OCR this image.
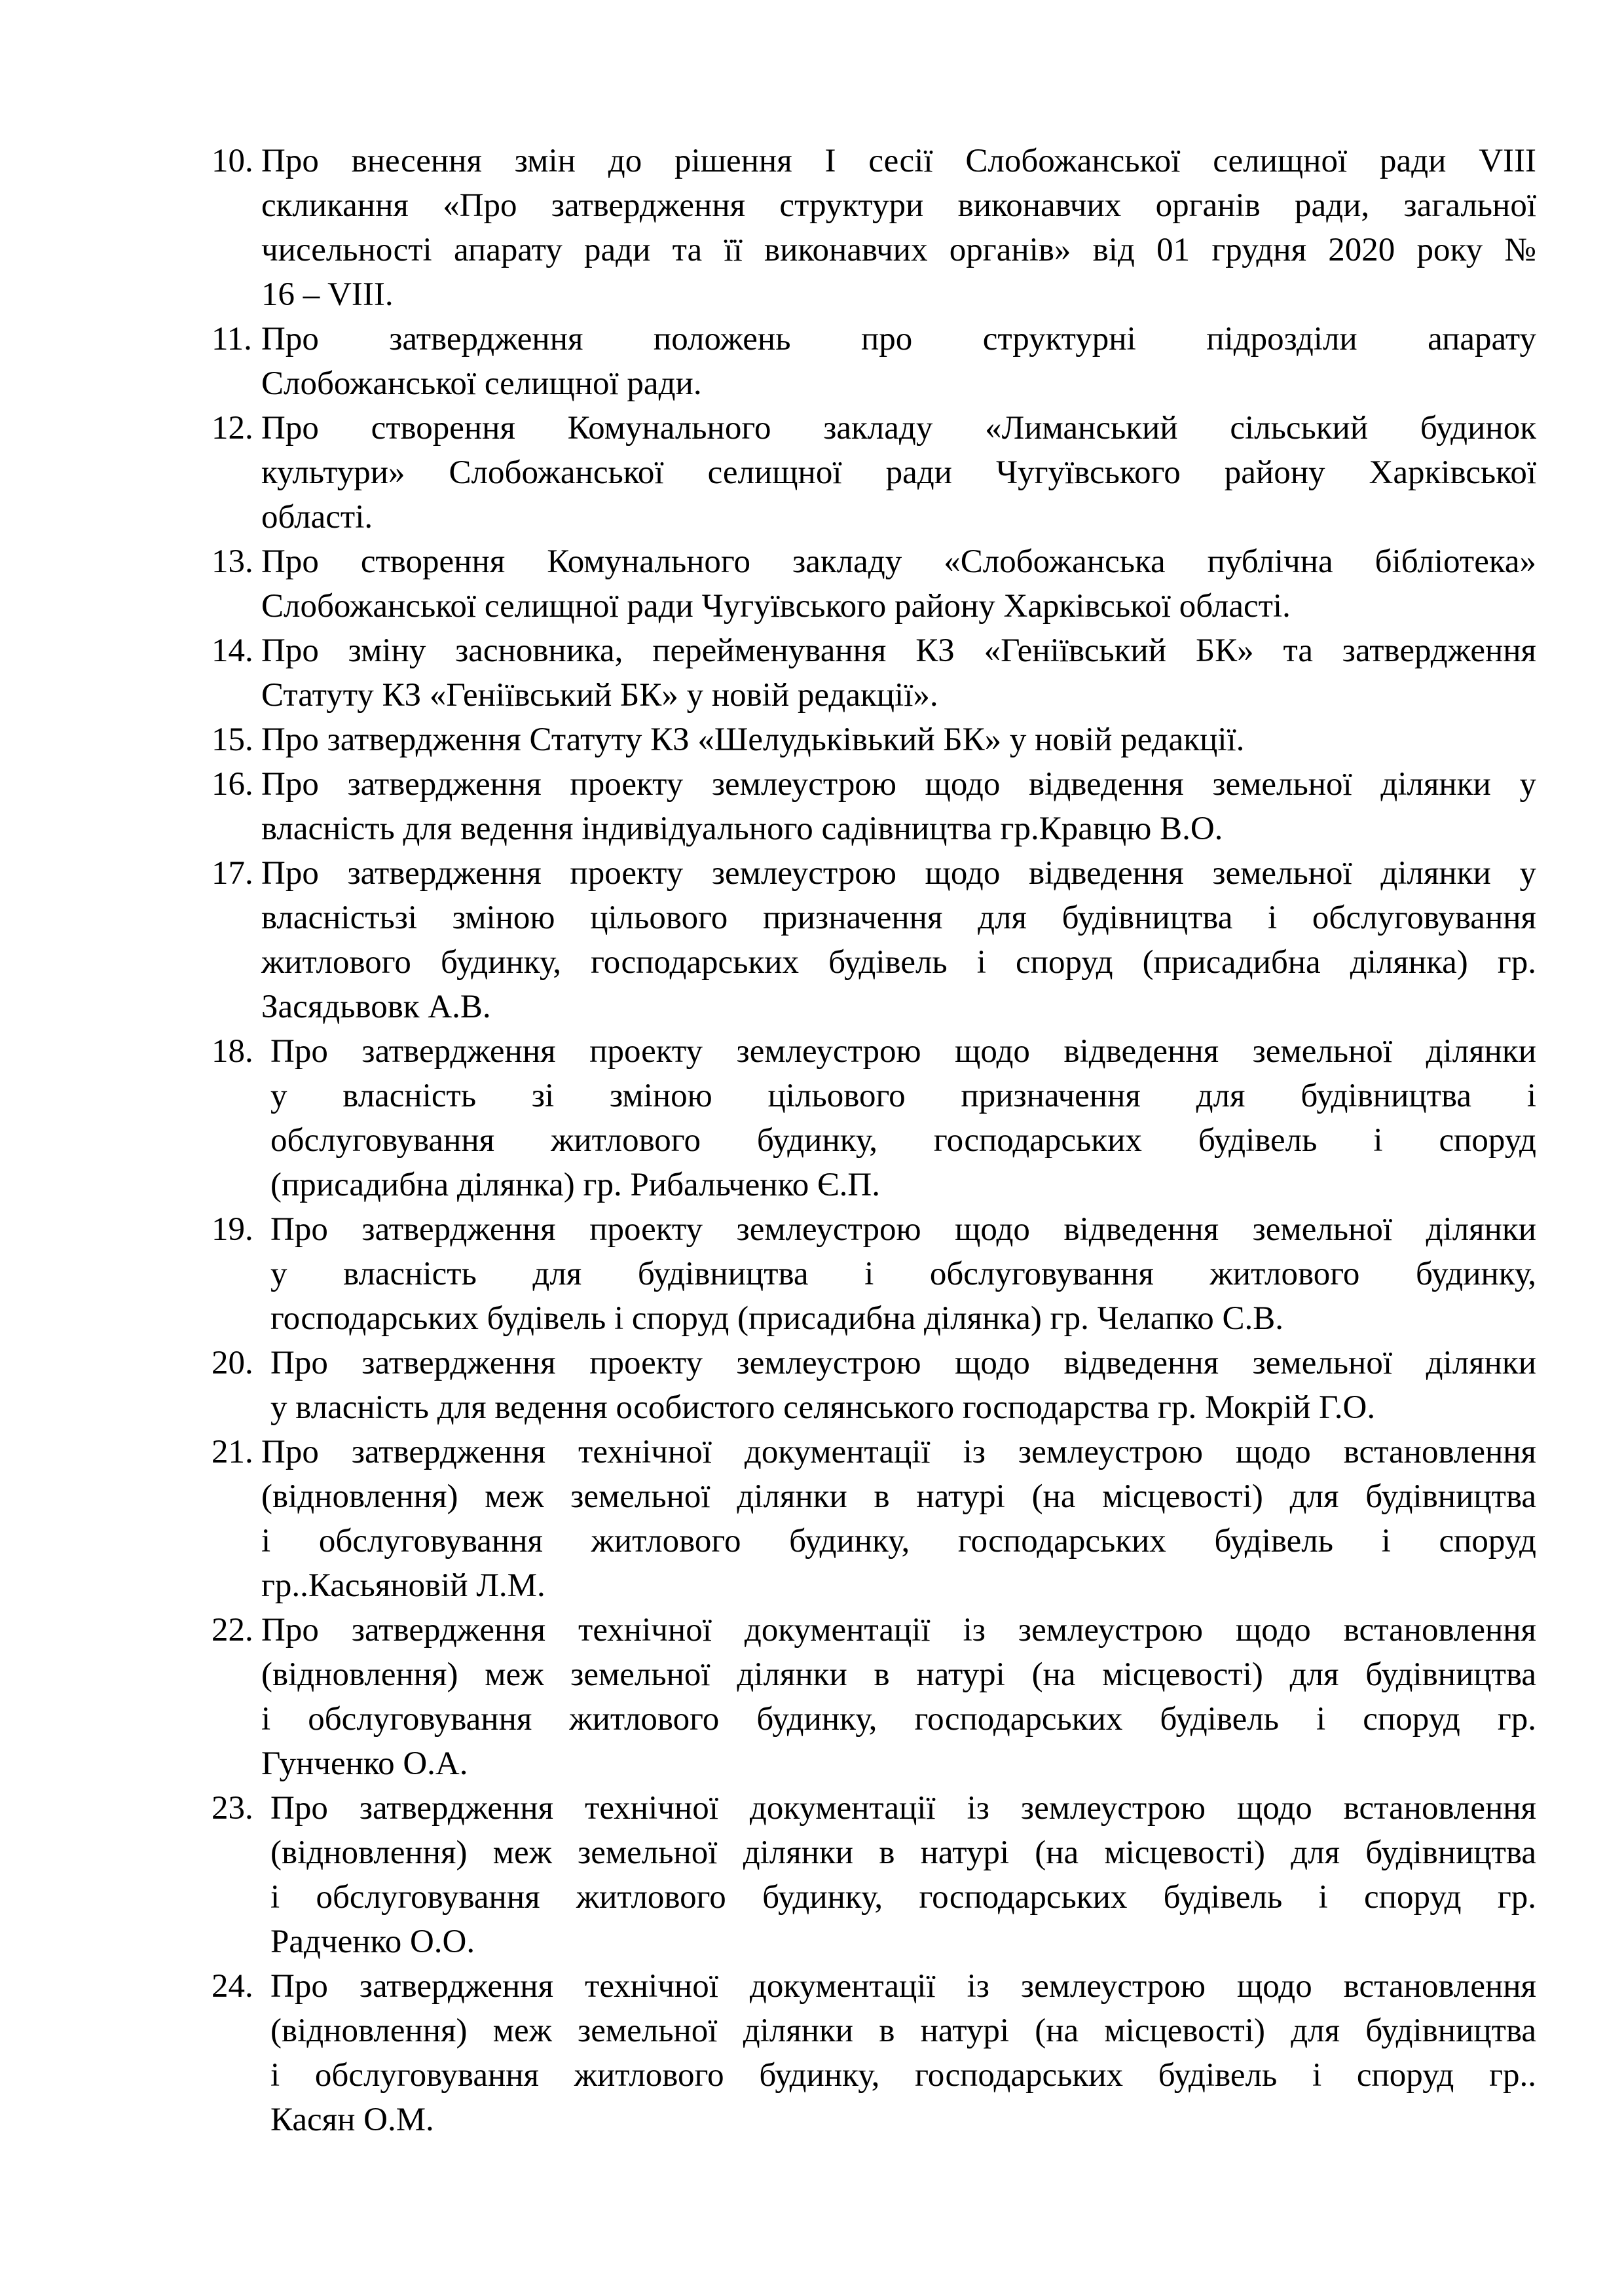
10. Про внесення змін до рішення І сесії Слобожанської селищної ради VIII
скликання «Про затвердження структури виконавчих органів ради, загальної
чисельності апарату ради та її виконавчих органів» від 01 грудня 2020 року №
16 – VIII.
11. Про затвердження положень про структурні підрозділи апарату
Слобожанської селищної ради.
12. Про створення Комунального закладу «Лиманський сільський будинок
культури» Слобожанської селищної ради Чугуївського району Харківської
області.
13. Про створення Комунального закладу «Слобожанська публічна бібліотека»
Слобожанської селищної ради Чугуївського району Харківської області.
14. Про зміну засновника, перейменування КЗ «Геніївський БК» та затвердження
Статуту КЗ «Геніївський БК» у новій редакції».
15. Про затвердження Статуту КЗ «Шелудьківький БК» у новій редакції.
16. Про затвердження проекту землеустрою щодо відведення земельної ділянки у
власність для ведення індивідуального садівництва гр.Кравцю В.О.
17. Про затвердження проекту землеустрою щодо відведення земельної ділянки у
власністьзі зміною цільового призначення для будівництва і обслуговування
житлового будинку, господарських будівель і споруд (присадибна ділянка) гр.
Засядьвовк А.В.
18. Про затвердження проекту землеустрою щодо відведення земельної ділянки
у власність зі зміною цільового призначення для будівництва і
обслуговування житлового будинку, господарських будівель і споруд
(присадибна ділянка) гр. Рибальченко Є.П.
19. Про затвердження проекту землеустрою щодо відведення земельної ділянки
у власність для будівництва і обслуговування житлового будинку,
господарських будівель і споруд (присадибна ділянка) гр. Челапко С.В.
20. Про затвердження проекту землеустрою щодо відведення земельної ділянки
у власність для ведення особистого селянського господарства гр. Мокрій Г.О.
21. Про затвердження технічної документації із землеустрою щодо встановлення
(відновлення) меж земельної ділянки в натурі (на місцевості) для будівництва
і обслуговування житлового будинку, господарських будівель і споруд
гр..Касьяновій Л.М.
22. Про затвердження технічної документації із землеустрою щодо встановлення
(відновлення) меж земельної ділянки в натурі (на місцевості) для будівництва
і обслуговування житлового будинку, господарських будівель і споруд гр.
Гунченко О.А.
23. Про затвердження технічної документації із землеустрою щодо встановлення
(відновлення) меж земельної ділянки в натурі (на місцевості) для будівництва
і обслуговування житлового будинку, господарських будівель і споруд гр.
Радченко О.О.
24. Про затвердження технічної документації із землеустрою щодо встановлення
(відновлення) меж земельної ділянки в натурі (на місцевості) для будівництва
і обслуговування житлового будинку, господарських будівель і споруд гр..
Касян О.М.
